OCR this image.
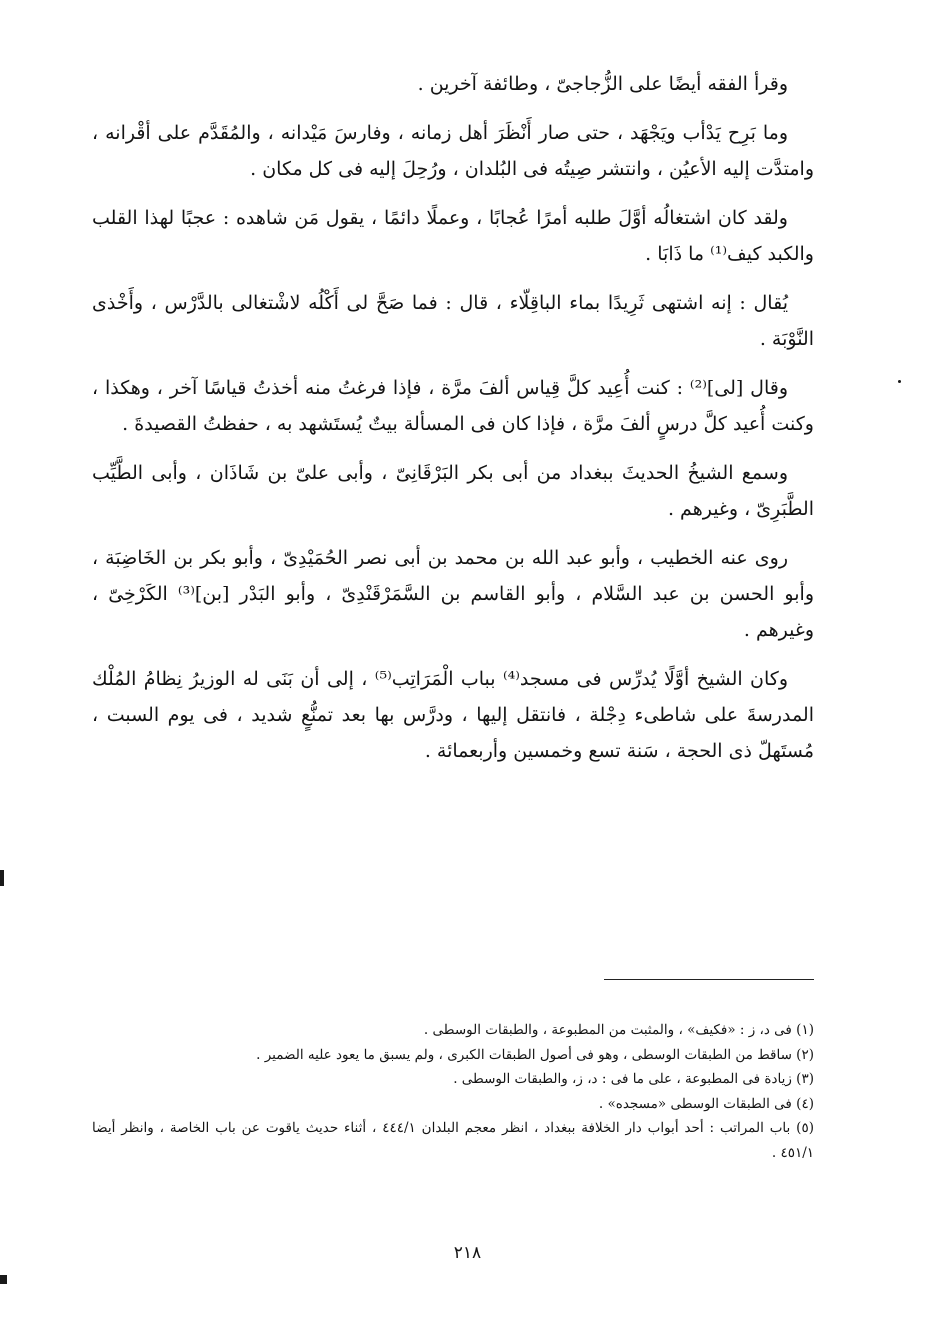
وقرأ الفقه أيضًا على الزُّجاجىّ ، وطائفة آخرين .

وما بَرِح يَدْأب ويَجْهَد ، حتى صار أَنْظَرَ أهل زمانه ، وفارسَ مَيْدانه ، والمُقَدَّم على أقْرانه ، وامتدَّت إليه الأعيُن ، وانتشر صِيتُه فى البُلدان ، ورُحِلَ إليه فى كل مكان .

ولقد كان اشتغالُه أوَّلَ طلبه أمرًا عُجابًا ، وعملًا دائمًا ، يقول مَن شاهده : عجبًا لهذا القلب والكبد كيف⁽¹⁾ ما ذَابَا .

يُقال : إنه اشتهى ثَرِيدًا بماء الباقِلّاء ، قال : فما صَحَّ لى أَكْلُه لاشْتغالى بالدَّرْس ، وأَخْذى النَّوْبَة .

وقال [لى]⁽²⁾ : كنت أُعِيد كلَّ قِياس ألفَ مرَّة ، فإذا فرغتُ منه أخذتُ قياسًا آخر ، وهكذا ، وكنت أُعيد كلَّ درسٍ ألفَ مرَّة ، فإذا كان فى المسألة بيتٌ يُستَشهد به ، حفظتُ القصيدةَ .

وسمع الشيخُ الحديثَ ببغداد من أبى بكر البَرْقَانِىّ ، وأبى علىّ بن شَاذَان ، وأبى الطَّيِّب الطَّبَرِىّ ، وغيرهم .

روى عنه الخطيب ، وأبو عبد الله بن محمد بن أبى نصر الحُمَيْدِىّ ، وأبو بكر بن الخَاضِبَة ، وأبو الحسن بن عبد السَّلام ، وأبو القاسم بن السَّمَرْقَنْدِىّ ، وأبو البَدْر [بن]⁽³⁾ الكَرْخِىّ ، وغيرهم .

وكان الشيخ أوَّلًا يُدرِّس فى مسجد⁽⁴⁾ بباب الْمَرَاتِب⁽⁵⁾ ، إلى أن بَنَى له الوزيرُ نِظامُ المُلْك المدرسةَ على شاطىء دِجْلة ، فانتقل إليها ، ودرَّس بها بعد تمنُّعٍ شديد ، فى يوم السبت ، مُستَهلّ ذى الحجة ، سَنة تسع وخمسين وأربعمائة .

(١) فى د، ز : «فكيف» ، والمثبت من المطبوعة ، والطبقات الوسطى .

(٢) ساقط من الطبقات الوسطى ، وهو فى أصول الطبقات الكبرى ، ولم يسبق ما يعود عليه الضمير .

(٣) زيادة فى المطبوعة ، على ما فى : د، ز، والطبقات الوسطى .

(٤) فى الطبقات الوسطى «مسجده» .

(٥) باب المراتب : أحد أبواب دار الخلافة ببغداد ، انظر معجم البلدان ٤٤٤/١ ، أثناء حديث ياقوت عن باب الخاصة ، وانظر أيضا ٤٥١/١ .

٢١٨
